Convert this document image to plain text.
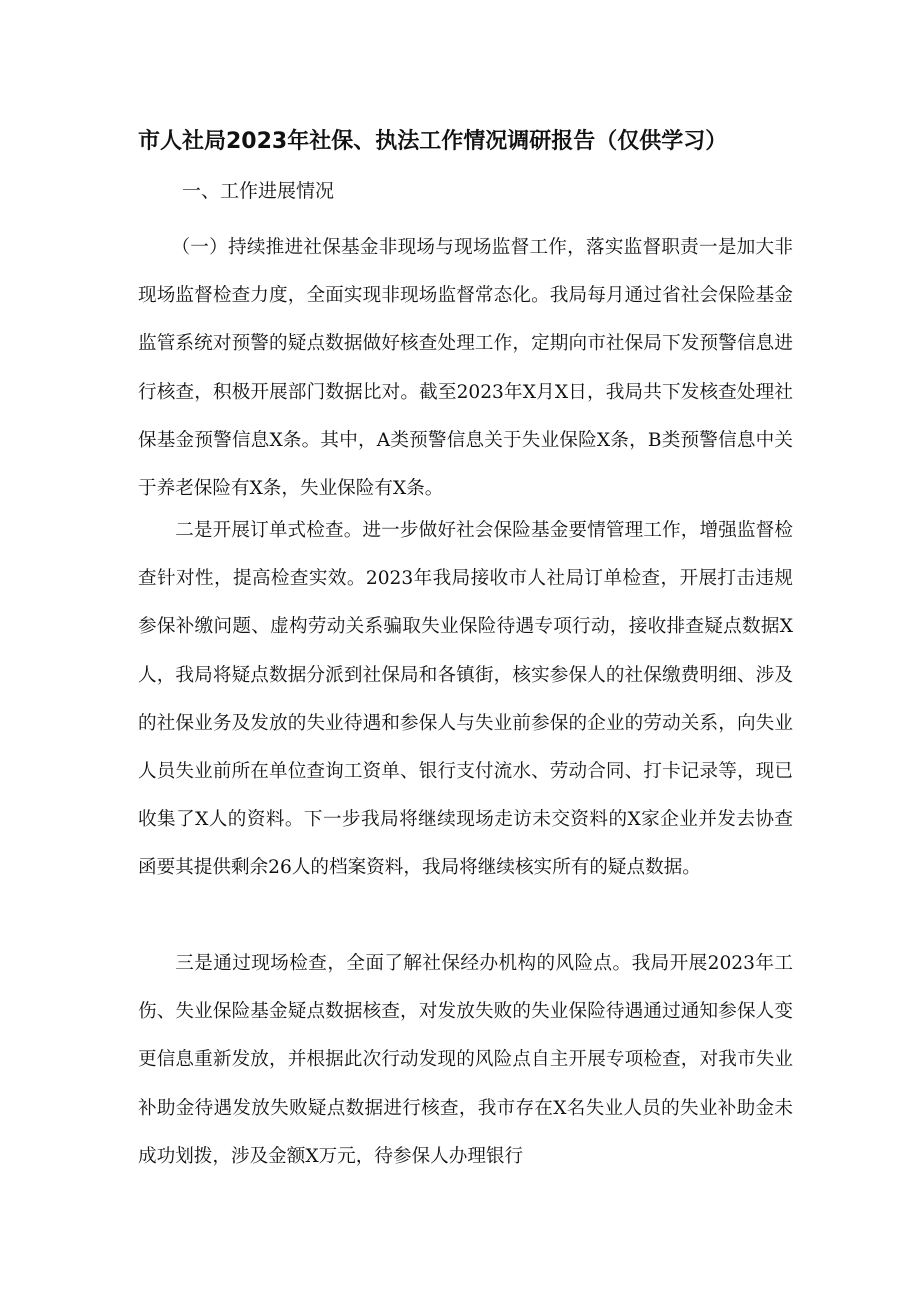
市人社局2023年社保、执法工作情况调研报告（仅供学习）
一、工作进展情况
（一）持续推进社保基金非现场与现场监督工作，落实监督职责一是加大非现场监督检查力度，全面实现非现场监督常态化。我局每月通过省社会保险基金监管系统对预警的疑点数据做好核查处理工作，定期向市社保局下发预警信息进行核查，积极开展部门数据比对。截至2023年X月X日，我局共下发核查处理社保基金预警信息X条。其中，A类预警信息关于失业保险X条，B类预警信息中关于养老保险有X条，失业保险有X条。
二是开展订单式检查。进一步做好社会保险基金要情管理工作，增强监督检查针对性，提高检查实效。2023年我局接收市人社局订单检查，开展打击违规参保补缴问题、虚构劳动关系骗取失业保险待遇专项行动，接收排查疑点数据X人，我局将疑点数据分派到社保局和各镇街，核实参保人的社保缴费明细、涉及的社保业务及发放的失业待遇和参保人与失业前参保的企业的劳动关系，向失业人员失业前所在单位查询工资单、银行支付流水、劳动合同、打卡记录等，现已收集了X人的资料。下一步我局将继续现场走访未交资料的X家企业并发去协查函要其提供剩余26人的档案资料，我局将继续核实所有的疑点数据。
三是通过现场检查，全面了解社保经办机构的风险点。我局开展2023年工伤、失业保险基金疑点数据核查，对发放失败的失业保险待遇通过通知参保人变更信息重新发放，并根据此次行动发现的风险点自主开展专项检查，对我市失业补助金待遇发放失败疑点数据进行核查，我市存在X名失业人员的失业补助金未成功划拨，涉及金额X万元，待参保人办理银行
